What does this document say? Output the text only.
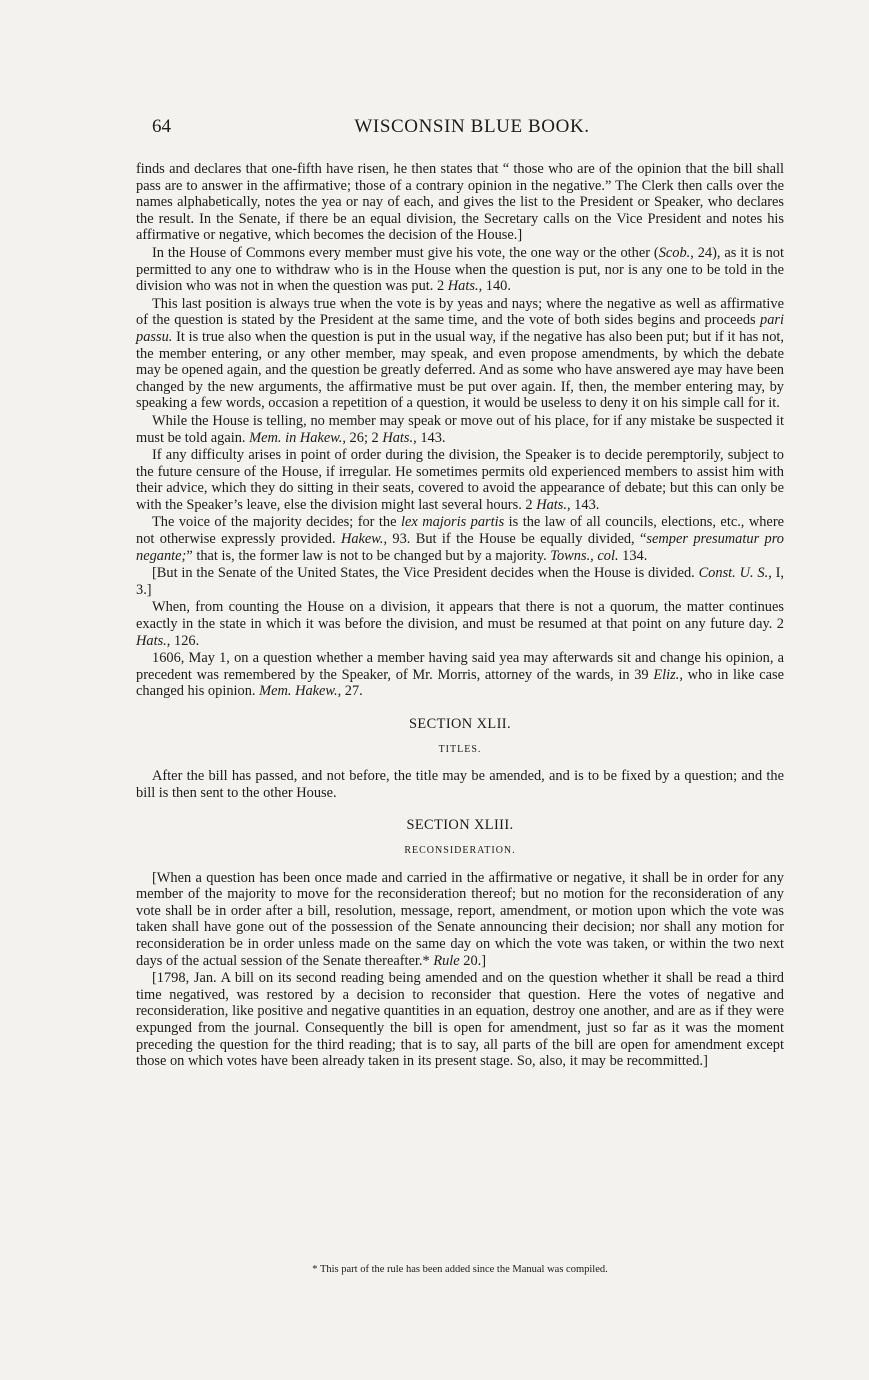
64	WISCONSIN BLUE BOOK.

finds and declares that one-fifth have risen, he then states that “ those who are of the opinion that the bill shall pass are to answer in the affirmative; those of a contrary opinion in the negative.” The Clerk then calls over the names alphabetically, notes the yea or nay of each, and gives the list to the President or Speaker, who declares the result. In the Senate, if there be an equal division, the Secretary calls on the Vice President and notes his affirmative or negative, which becomes the decision of the House.]

In the House of Commons every member must give his vote, the one way or the other (Scob., 24), as it is not permitted to any one to withdraw who is in the House when the question is put, nor is any one to be told in the division who was not in when the question was put. 2 Hats., 140.

This last position is always true when the vote is by yeas and nays; where the negative as well as affirmative of the question is stated by the President at the same time, and the vote of both sides begins and proceeds pari passu. It is true also when the question is put in the usual way, if the negative has also been put; but if it has not, the member entering, or any other member, may speak, and even propose amendments, by which the debate may be opened again, and the question be greatly deferred. And as some who have answered aye may have been changed by the new arguments, the affirmative must be put over again. If, then, the member entering may, by speaking a few words, occasion a repetition of a question, it would be useless to deny it on his simple call for it.

While the House is telling, no member may speak or move out of his place, for if any mistake be suspected it must be told again. Mem. in Hakew., 26; 2 Hats., 143.

If any difficulty arises in point of order during the division, the Speaker is to decide peremptorily, subject to the future censure of the House, if irregular. He sometimes permits old experienced members to assist him with their advice, which they do sitting in their seats, covered to avoid the appearance of debate; but this can only be with the Speaker’s leave, else the division might last several hours. 2 Hats., 143.

The voice of the majority decides; for the lex majoris partis is the law of all councils, elections, etc., where not otherwise expressly provided. Hakew., 93. But if the House be equally divided, “semper presumatur pro negante;” that is, the former law is not to be changed but by a majority. Towns., col. 134.

[But in the Senate of the United States, the Vice President decides when the House is divided. Const. U. S., I, 3.]

When, from counting the House on a division, it appears that there is not a quorum, the matter continues exactly in the state in which it was before the division, and must be resumed at that point on any future day. 2 Hats., 126.

1606, May 1, on a question whether a member having said yea may afterwards sit and change his opinion, a precedent was remembered by the Speaker, of Mr. Morris, attorney of the wards, in 39 Eliz., who in like case changed his opinion. Mem. Hakew., 27.

SECTION XLII.
TITLES.

After the bill has passed, and not before, the title may be amended, and is to be fixed by a question; and the bill is then sent to the other House.

SECTION XLIII.
RECONSIDERATION.

[When a question has been once made and carried in the affirmative or negative, it shall be in order for any member of the majority to move for the reconsideration thereof; but no motion for the reconsideration of any vote shall be in order after a bill, resolution, message, report, amendment, or motion upon which the vote was taken shall have gone out of the possession of the Senate announcing their decision; nor shall any motion for reconsideration be in order unless made on the same day on which the vote was taken, or within the two next days of the actual session of the Senate thereafter.* Rule 20.]

[1798, Jan. A bill on its second reading being amended and on the question whether it shall be read a third time negatived, was restored by a decision to reconsider that question. Here the votes of negative and reconsideration, like positive and negative quantities in an equation, destroy one another, and are as if they were expunged from the journal. Consequently the bill is open for amendment, just so far as it was the moment preceding the question for the third reading; that is to say, all parts of the bill are open for amendment except those on which votes have been already taken in its present stage. So, also, it may be recommitted.]

* This part of the rule has been added since the Manual was compiled.
